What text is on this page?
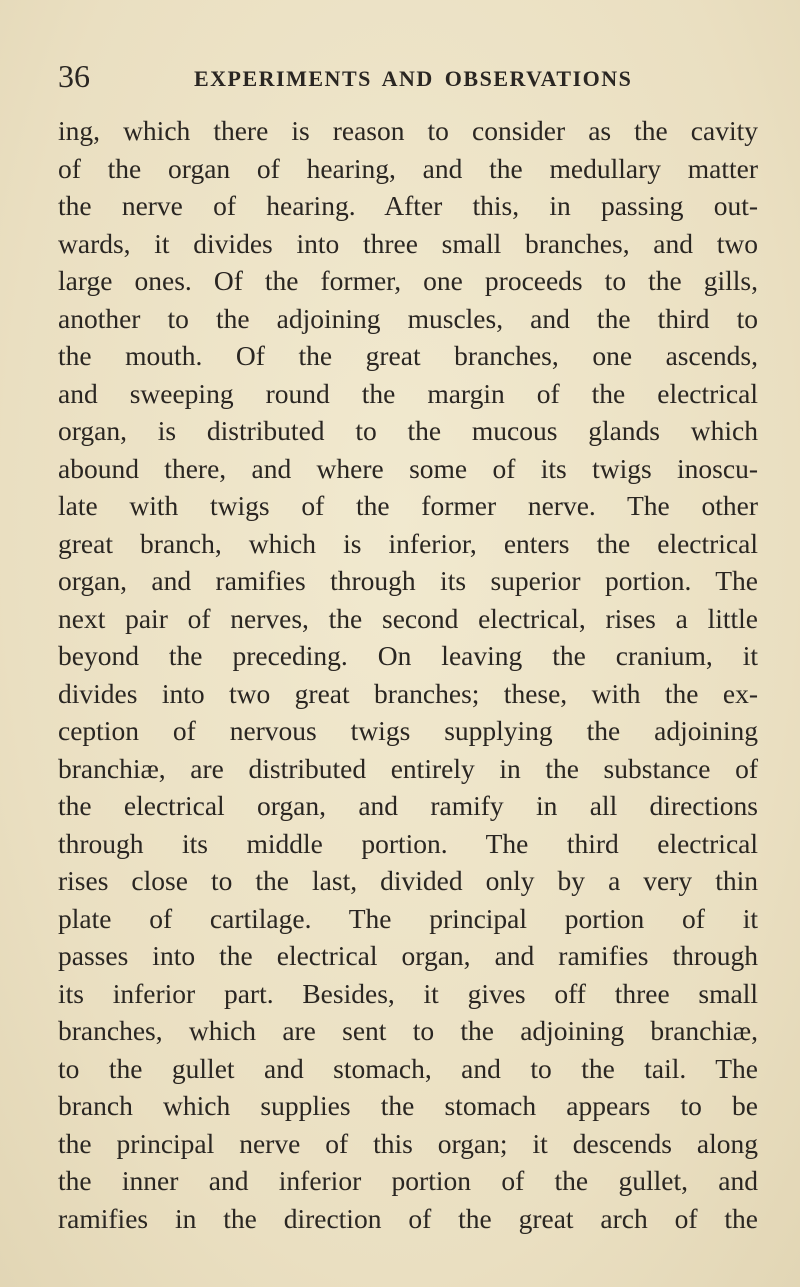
36	EXPERIMENTS AND OBSERVATIONS
ing, which there is reason to consider as the cavity
of the organ of hearing, and the medullary matter
the nerve of hearing. After this, in passing out-
wards, it divides into three small branches, and two
large ones. Of the former, one proceeds to the gills,
another to the adjoining muscles, and the third to
the mouth. Of the great branches, one ascends,
and sweeping round the margin of the electrical
organ, is distributed to the mucous glands which
abound there, and where some of its twigs inoscu-
late with twigs of the former nerve. The other
great branch, which is inferior, enters the electrical
organ, and ramifies through its superior portion. The
next pair of nerves, the second electrical, rises a little
beyond the preceding. On leaving the cranium, it
divides into two great branches; these, with the ex-
ception of nervous twigs supplying the adjoining
branchiæ, are distributed entirely in the substance of
the electrical organ, and ramify in all directions
through its middle portion. The third electrical
rises close to the last, divided only by a very thin
plate of cartilage. The principal portion of it
passes into the electrical organ, and ramifies through
its inferior part. Besides, it gives off three small
branches, which are sent to the adjoining branchiæ,
to the gullet and stomach, and to the tail. The
branch which supplies the stomach appears to be
the principal nerve of this organ; it descends along
the inner and inferior portion of the gullet, and
ramifies in the direction of the great arch of the
